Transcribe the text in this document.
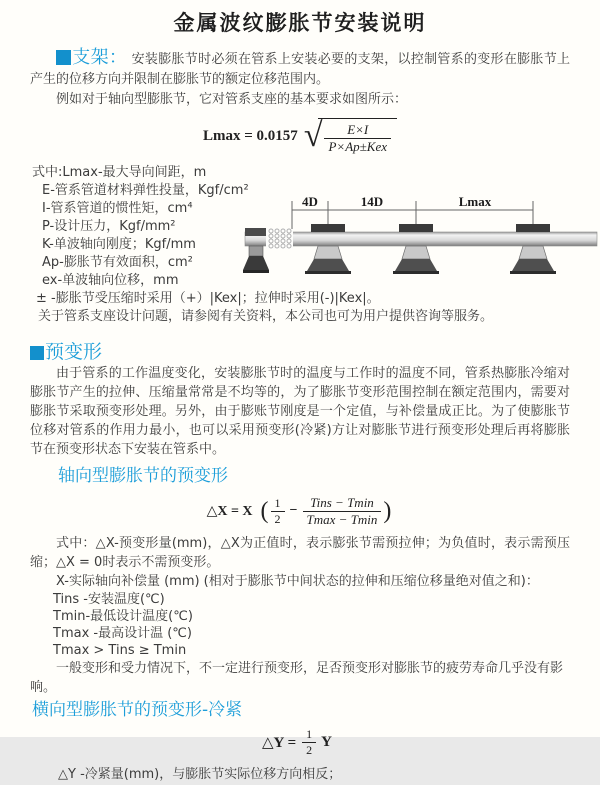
金属波纹膨胀节安装说明
支架： 安装膨胀节时必须在管系上安装必要的支架，以控制管系的变形在膨胀节上产生的位移方向并限制在膨胀节的额定位移范围内。
例如对于轴向型膨胀节，它对管系支座的基本要求如图所示：
Lmax = 0.0157 √ $\frac{E\times I}{\text{P×Ap±Kex}}$
式中:Lmax-最大导向间距，m
E-管系管道材料弹性投量，Kgf/cm²
I-管系管道的惯性矩，cm⁴
P-设计压力，Kgf/mm²
K-单波轴向刚度；Kgf/mm
Ap-膨胀节有效面积，cm²
ex-单波轴向位移，mm
± -膨胀节受压缩时采用（+）|Kex|；拉伸时采用(-)|Kex|。
关于管系支座设计问题，请参阅有关资料，本公司也可为用户提供咨询等服务。
4D	14D	Lmax
预变形
由于管系的工作温度变化，安装膨胀节时的温度与工作时的温度不同，管系热膨胀冷缩对膨胀节产生的拉伸、压缩量常常是不均等的，为了膨胀节变形范围控制在额定范围内，需要对膨胀节采取预变形处理。另外，由于膨账节刚度是一个定值，与补偿量成正比。为了使膨胀节位移对管系的作用力最小，也可以采用预变形(冷紧)方让对膨胀节进行预变形处理后再将膨胀节在预变形状态下安装在管系中。
轴向型膨胀节的预变形
△X = X ( $\frac{1}{2} - \frac{\text{Tins − Tmin}}{Tmax - Tmin}$ )
式中：△X-预变形量(mm)，△X为正值时，表示膨张节需预拉伸；为负值时，表示需预压缩；△X = 0时表示不需预变形。
X-实际轴向补偿量 (mm) (相对于膨胀节中间状态的拉伸和压缩位移量绝对值之和)：
Tins -安装温度(℃)
Tmin-最低设计温度(℃)
Tmax -最高设计温 (℃)
Tmax > Tins ≥ Tmin
一般变形和受力情况下，不一定进行预变形，足否预变形对膨胀节的疲劳寿命几乎没有影响。
横向型膨胀节的预变形-冷紧
△Y = $\frac{1}{2}$ Y
△Y -冷紧量(mm)，与膨胀节实际位移方向相反；
